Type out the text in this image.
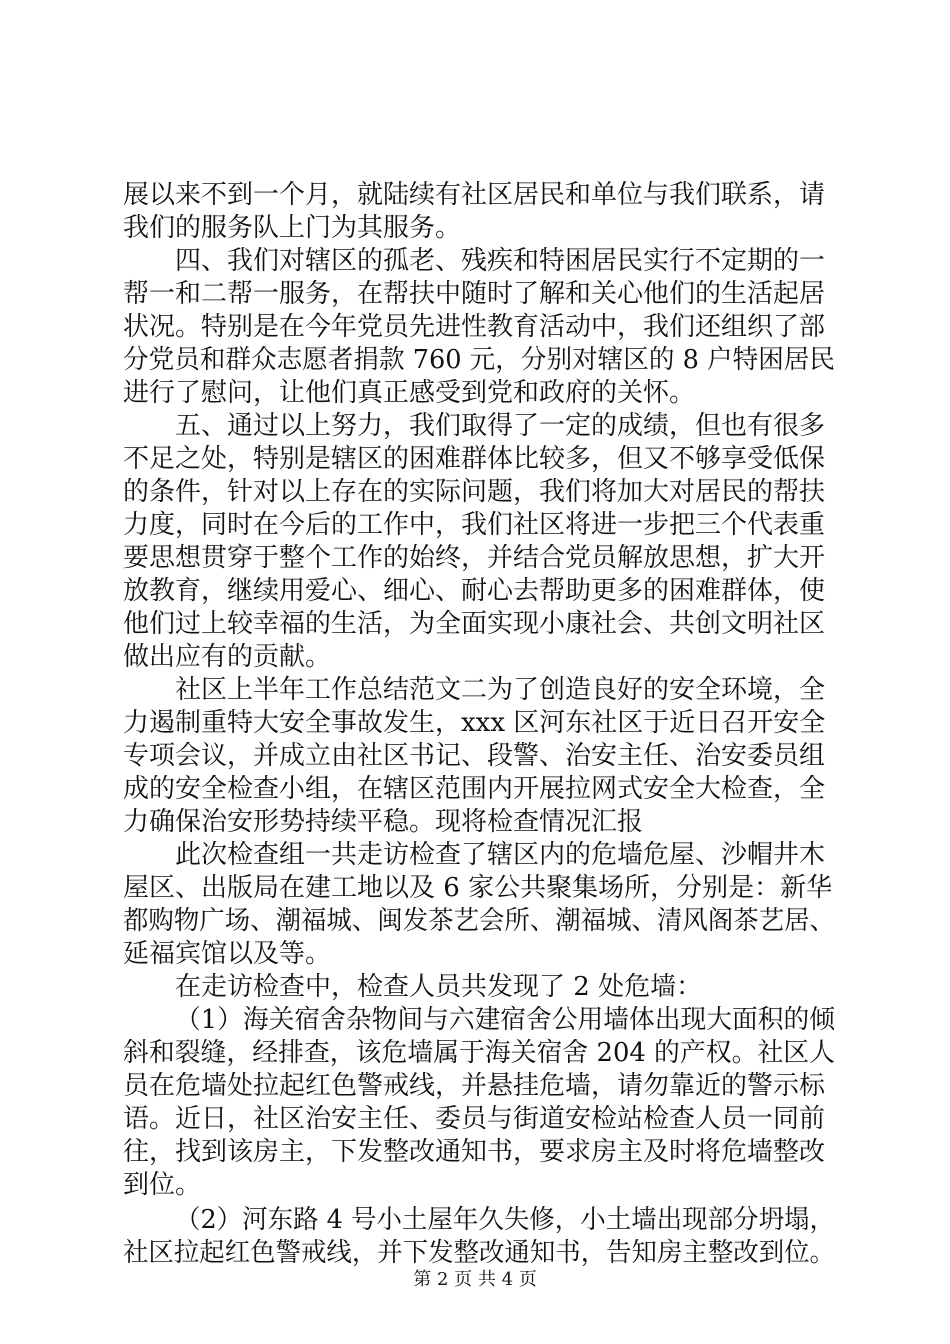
展以来不到一个月，就陆续有社区居民和单位与我们联系，请
我们的服务队上门为其服务。
四、我们对辖区的孤老、残疾和特困居民实行不定期的一
帮一和二帮一服务，在帮扶中随时了解和关心他们的生活起居
状况。特别是在今年党员先进性教育活动中，我们还组织了部
分党员和群众志愿者捐款 760 元，分别对辖区的 8 户特困居民
进行了慰问，让他们真正感受到党和政府的关怀。
五、通过以上努力，我们取得了一定的成绩，但也有很多
不足之处，特别是辖区的困难群体比较多，但又不够享受低保
的条件，针对以上存在的实际问题，我们将加大对居民的帮扶
力度，同时在今后的工作中，我们社区将进一步把三个代表重
要思想贯穿于整个工作的始终，并结合党员解放思想，扩大开
放教育，继续用爱心、细心、耐心去帮助更多的困难群体，使
他们过上较幸福的生活，为全面实现小康社会、共创文明社区
做出应有的贡献。
社区上半年工作总结范文二为了创造良好的安全环境，全
力遏制重特大安全事故发生，xxx 区河东社区于近日召开安全
专项会议，并成立由社区书记、段警、治安主任、治安委员组
成的安全检查小组，在辖区范围内开展拉网式安全大检查，全
力确保治安形势持续平稳。现将检查情况汇报
此次检查组一共走访检查了辖区内的危墙危屋、沙帽井木
屋区、出版局在建工地以及 6 家公共聚集场所，分别是：新华
都购物广场、潮福城、闽发茶艺会所、潮福城、清风阁茶艺居、
延福宾馆以及等。
在走访检查中，检查人员共发现了 2 处危墙：
（1）海关宿舍杂物间与六建宿舍公用墙体出现大面积的倾
斜和裂缝，经排查，该危墙属于海关宿舍 204 的产权。社区人
员在危墙处拉起红色警戒线，并悬挂危墙，请勿靠近的警示标
语。近日，社区治安主任、委员与街道安检站检查人员一同前
往，找到该房主，下发整改通知书，要求房主及时将危墙整改
到位。
（2）河东路 4 号小土屋年久失修，小土墙出现部分坍塌，
社区拉起红色警戒线，并下发整改通知书，告知房主整改到位。
第 2 页 共 4 页
